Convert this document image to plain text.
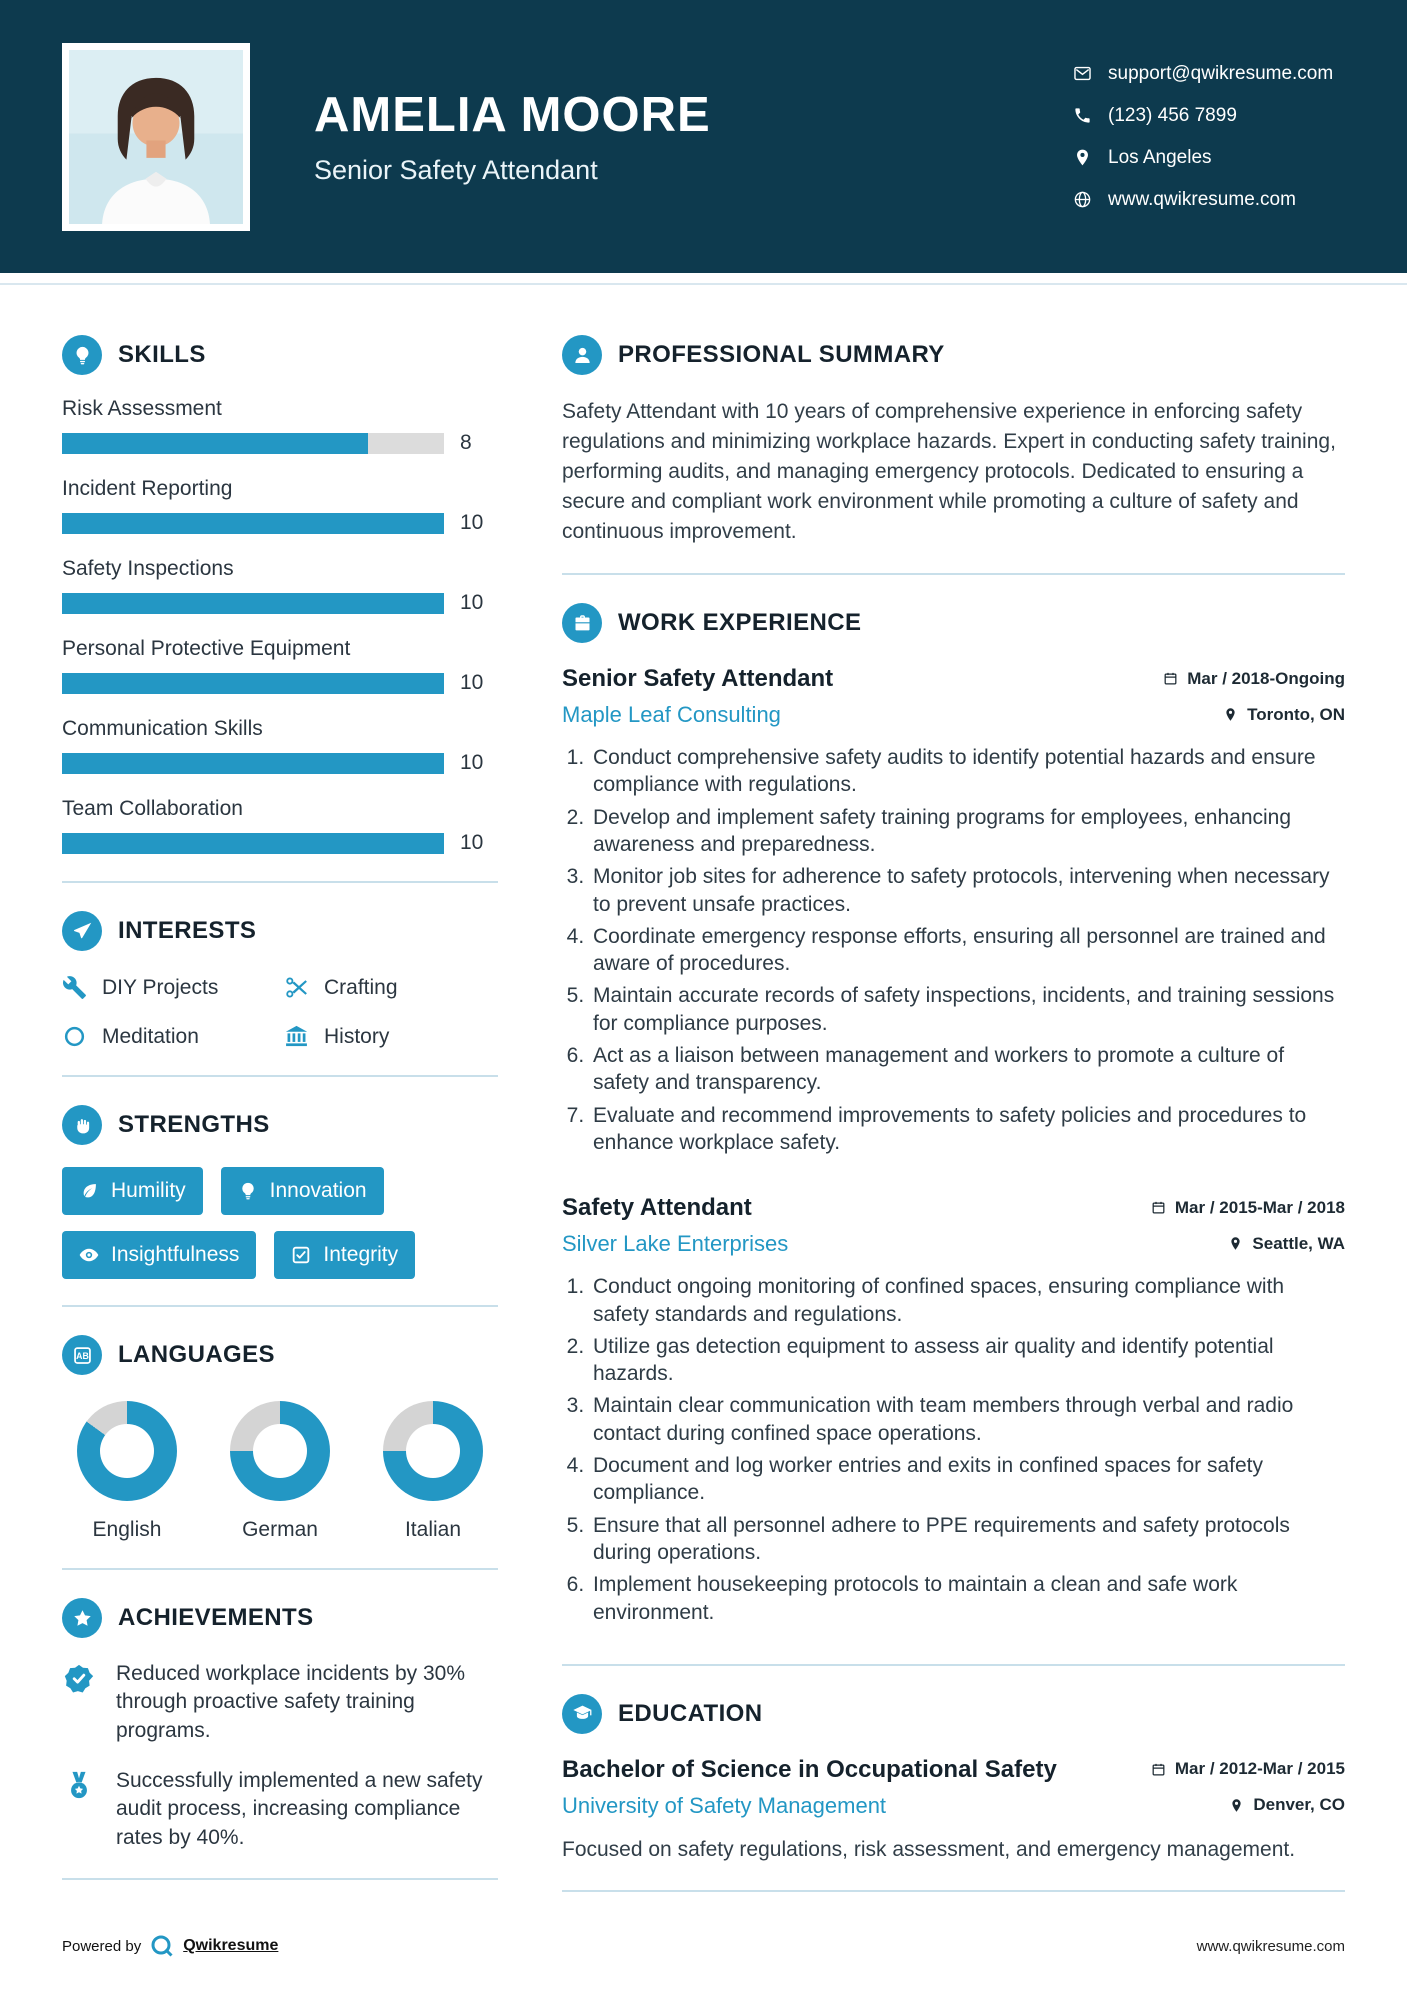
AMELIA MOORE
Senior Safety Attendant
support@qwikresume.com
(123) 456 7899
Los Angeles
www.qwikresume.com
SKILLS
Risk Assessment
8
Incident Reporting
10
Safety Inspections
10
Personal Protective Equipment
10
Communication Skills
10
Team Collaboration
10
INTERESTS
DIY Projects	Crafting
Meditation	History
STRENGTHS
Humility	Innovation
Insightfulness	Integrity
AB LANGUAGES
English	German	Italian
ACHIEVEMENTS
Reduced workplace incidents by 30% through proactive safety training programs.
Successfully implemented a new safety audit process, increasing compliance rates by 40%.
PROFESSIONAL SUMMARY

Safety Attendant with 10 years of comprehensive experience in enforcing safety regulations and minimizing workplace hazards. Expert in conducting safety training, performing audits, and managing emergency protocols. Dedicated to ensuring a secure and compliant work environment while promoting a culture of safety and continuous improvement.

WORK EXPERIENCE
Senior Safety Attendant	Mar / 2018-Ongoing
Maple Leaf Consulting	Toronto, ON
1. Conduct comprehensive safety audits to identify potential hazards and ensure compliance with regulations.
2. Develop and implement safety training programs for employees, enhancing awareness and preparedness.
3. Monitor job sites for adherence to safety protocols, intervening when necessary to prevent unsafe practices.
4. Coordinate emergency response efforts, ensuring all personnel are trained and aware of procedures.
5. Maintain accurate records of safety inspections, incidents, and training sessions for compliance purposes.
6. Act as a liaison between management and workers to promote a culture of safety and transparency.
7. Evaluate and recommend improvements to safety policies and procedures to enhance workplace safety.
Safety Attendant	Mar / 2015-Mar / 2018
Silver Lake Enterprises	Seattle, WA
1. Conduct ongoing monitoring of confined spaces, ensuring compliance with safety standards and regulations.
2. Utilize gas detection equipment to assess air quality and identify potential hazards.
3. Maintain clear communication with team members through verbal and radio contact during confined space operations.
4. Document and log worker entries and exits in confined spaces for safety compliance.
5. Ensure that all personnel adhere to PPE requirements and safety protocols during operations.
6. Implement housekeeping protocols to maintain a clean and safe work environment.
EDUCATION
Bachelor of Science in Occupational Safety	Mar / 2012-Mar / 2015
University of Safety Management	Denver, CO

Focused on safety regulations, risk assessment, and emergency management.

Powered by	Qwikresume	www.qwikresume.com
